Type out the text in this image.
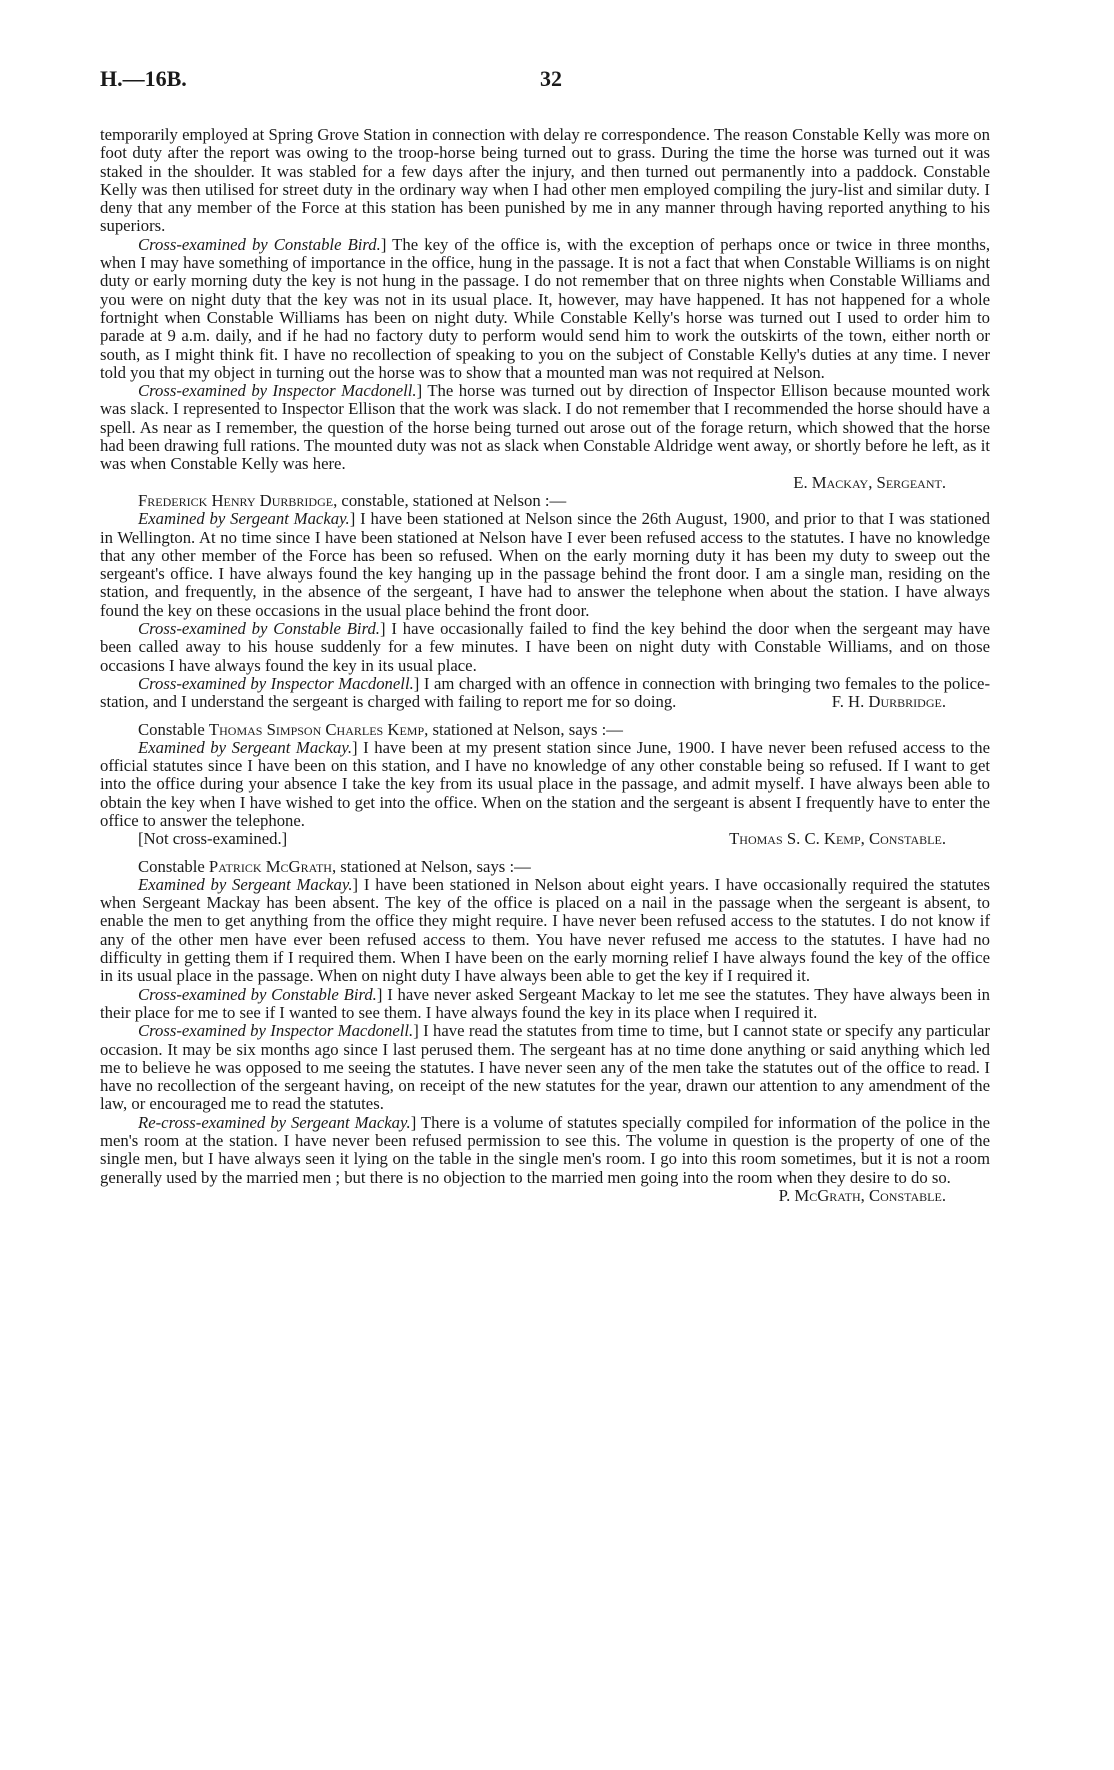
H.—16B.	32

temporarily employed at Spring Grove Station in connection with delay re correspondence. The reason Constable Kelly was more on foot duty after the report was owing to the troop-horse being turned out to grass. During the time the horse was turned out it was staked in the shoulder. It was stabled for a few days after the injury, and then turned out permanently into a paddock. Constable Kelly was then utilised for street duty in the ordinary way when I had other men employed compiling the jury-list and similar duty. I deny that any member of the Force at this station has been punished by me in any manner through having reported anything to his superiors.

Cross-examined by Constable Bird.] The key of the office is, with the exception of perhaps once or twice in three months, when I may have something of importance in the office, hung in the passage. It is not a fact that when Constable Williams is on night duty or early morning duty the key is not hung in the passage. I do not remember that on three nights when Constable Williams and you were on night duty that the key was not in its usual place. It, however, may have happened. It has not happened for a whole fortnight when Constable Williams has been on night duty. While Constable Kelly's horse was turned out I used to order him to parade at 9 a.m. daily, and if he had no factory duty to perform would send him to work the outskirts of the town, either north or south, as I might think fit. I have no recollection of speaking to you on the subject of Constable Kelly's duties at any time. I never told you that my object in turning out the horse was to show that a mounted man was not required at Nelson.

Cross-examined by Inspector Macdonell.] The horse was turned out by direction of Inspector Ellison because mounted work was slack. I represented to Inspector Ellison that the work was slack. I do not remember that I recommended the horse should have a spell. As near as I remember, the question of the horse being turned out arose out of the forage return, which showed that the horse had been drawing full rations. The mounted duty was not as slack when Constable Aldridge went away, or shortly before he left, as it was when Constable Kelly was here.

E. Mackay, Sergeant.

Frederick Henry Durbridge, constable, stationed at Nelson :—

Examined by Sergeant Mackay.] I have been stationed at Nelson since the 26th August, 1900, and prior to that I was stationed in Wellington. At no time since I have been stationed at Nelson have I ever been refused access to the statutes. I have no knowledge that any other member of the Force has been so refused. When on the early morning duty it has been my duty to sweep out the sergeant's office. I have always found the key hanging up in the passage behind the front door. I am a single man, residing on the station, and frequently, in the absence of the sergeant, I have had to answer the telephone when about the station. I have always found the key on these occasions in the usual place behind the front door.

Cross-examined by Constable Bird.] I have occasionally failed to find the key behind the door when the sergeant may have been called away to his house suddenly for a few minutes. I have been on night duty with Constable Williams, and on those occasions I have always found the key in its usual place.

Cross-examined by Inspector Macdonell.] I am charged with an offence in connection with bringing two females to the police-station, and I understand the sergeant is charged with failing to report me for so doing.	F. H. Durbridge.

Constable Thomas Simpson Charles Kemp, stationed at Nelson, says :—

Examined by Sergeant Mackay.] I have been at my present station since June, 1900. I have never been refused access to the official statutes since I have been on this station, and I have no knowledge of any other constable being so refused. If I want to get into the office during your absence I take the key from its usual place in the passage, and admit myself. I have always been able to obtain the key when I have wished to get into the office. When on the station and the sergeant is absent I frequently have to enter the office to answer the telephone.

[Not cross-examined.]	Thomas S. C. Kemp, Constable.

Constable Patrick McGrath, stationed at Nelson, says :—

Examined by Sergeant Mackay.] I have been stationed in Nelson about eight years. I have occasionally required the statutes when Sergeant Mackay has been absent. The key of the office is placed on a nail in the passage when the sergeant is absent, to enable the men to get anything from the office they might require. I have never been refused access to the statutes. I do not know if any of the other men have ever been refused access to them. You have never refused me access to the statutes. I have had no difficulty in getting them if I required them. When I have been on the early morning relief I have always found the key of the office in its usual place in the passage. When on night duty I have always been able to get the key if I required it.

Cross-examined by Constable Bird.] I have never asked Sergeant Mackay to let me see the statutes. They have always been in their place for me to see if I wanted to see them. I have always found the key in its place when I required it.

Cross-examined by Inspector Macdonell.] I have read the statutes from time to time, but I cannot state or specify any particular occasion. It may be six months ago since I last perused them. The sergeant has at no time done anything or said anything which led me to believe he was opposed to me seeing the statutes. I have never seen any of the men take the statutes out of the office to read. I have no recollection of the sergeant having, on receipt of the new statutes for the year, drawn our attention to any amendment of the law, or encouraged me to read the statutes.

Re-cross-examined by Sergeant Mackay.] There is a volume of statutes specially compiled for information of the police in the men's room at the station. I have never been refused permission to see this. The volume in question is the property of one of the single men, but I have always seen it lying on the table in the single men's room. I go into this room sometimes, but it is not a room generally used by the married men ; but there is no objection to the married men going into the room when they desire to do so.
P. McGrath, Constable.
